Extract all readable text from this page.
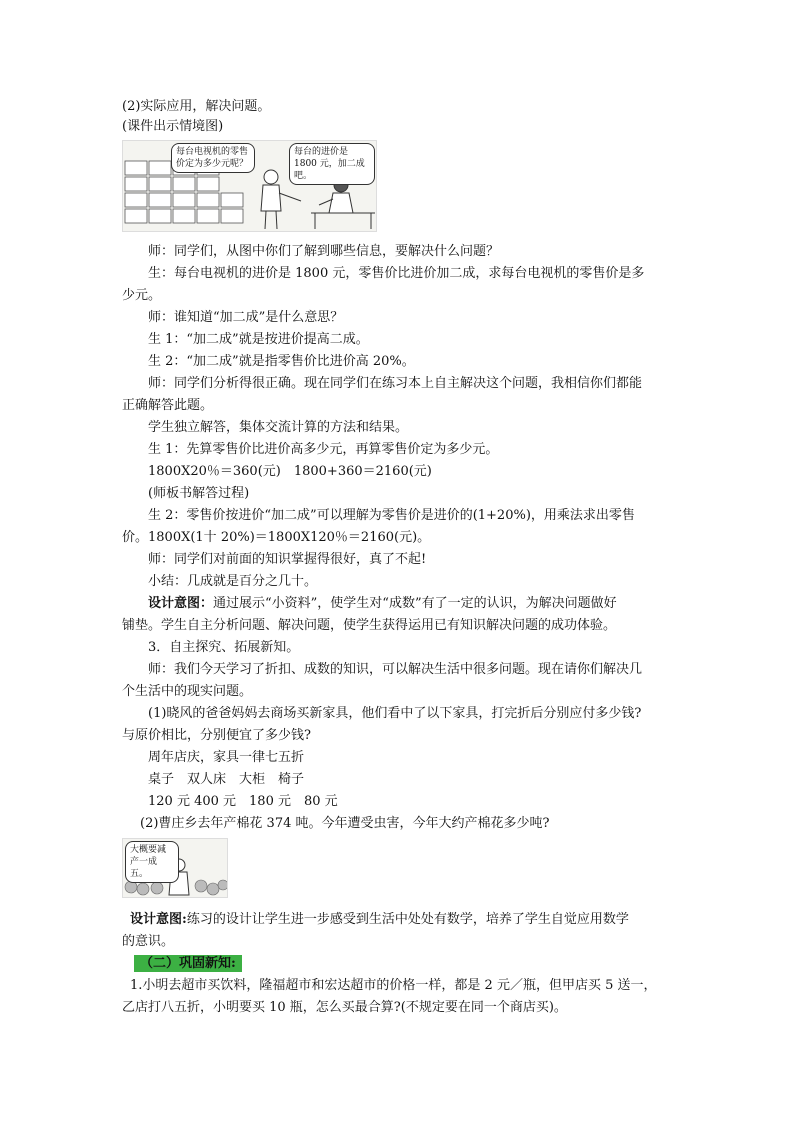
(2)实际应用，解决问题。
(课件出示情境图)
每台电视机的零售价定为多少元呢？
每台的进价是 1800 元，加二成吧。
师：同学们，从图中你们了解到哪些信息，要解决什么问题？
生：每台电视机的进价是 1800 元，零售价比进价加二成，求每台电视机的零售价是多
少元。
师：谁知道“加二成”是什么意思？
生 1：“加二成”就是按进价提高二成。
生 2：“加二成”就是指零售价比进价高 20%。
师：同学们分析得很正确。现在同学们在练习本上自主解决这个问题，我相信你们都能
正确解答此题。
学生独立解答，集体交流计算的方法和结果。
生 1：先算零售价比进价高多少元，再算零售价定为多少元。
1800X20％＝360(元)　1800+360＝2160(元)
(师板书解答过程)
生 2：零售价按进价“加二成”可以理解为零售价是进价的(1+20%)，用乘法求出零售
价。1800X(1十 20%)＝1800X120％＝2160(元)。
师：同学们对前面的知识掌握得很好，真了不起!
小结：几成就是百分之几十。
设计意图：通过展示“小资料”，使学生对“成数”有了一定的认识，为解决问题做好
铺垫。学生自主分析问题、解决问题，使学生获得运用已有知识解决问题的成功体验。
3．自主探究、拓展新知。
师：我们今天学习了折扣、成数的知识，可以解决生活中很多问题。现在请你们解决几
个生活中的现实问题。
(1)晓风的爸爸妈妈去商场买新家具，他们看中了以下家具，打完折后分别应付多少钱?
与原价相比，分别便宜了多少钱?
周年店庆，家具一律七五折
桌子　双人床　大柜　椅子
120 元 400 元　180 元　80 元
(2)曹庄乡去年产棉花 374 吨。今年遭受虫害，今年大约产棉花多少吨?
大概要减产一成五。
设计意图:练习的设计让学生进一步感受到生活中处处有数学，培养了学生自觉应用数学
的意识。
（二）巩固新知:
1.小明去超市买饮料，隆福超市和宏达超市的价格一样，都是 2 元／瓶，但甲店买 5 送一，
乙店打八五折，小明要买 10 瓶，怎么买最合算?(不规定要在同一个商店买)。
